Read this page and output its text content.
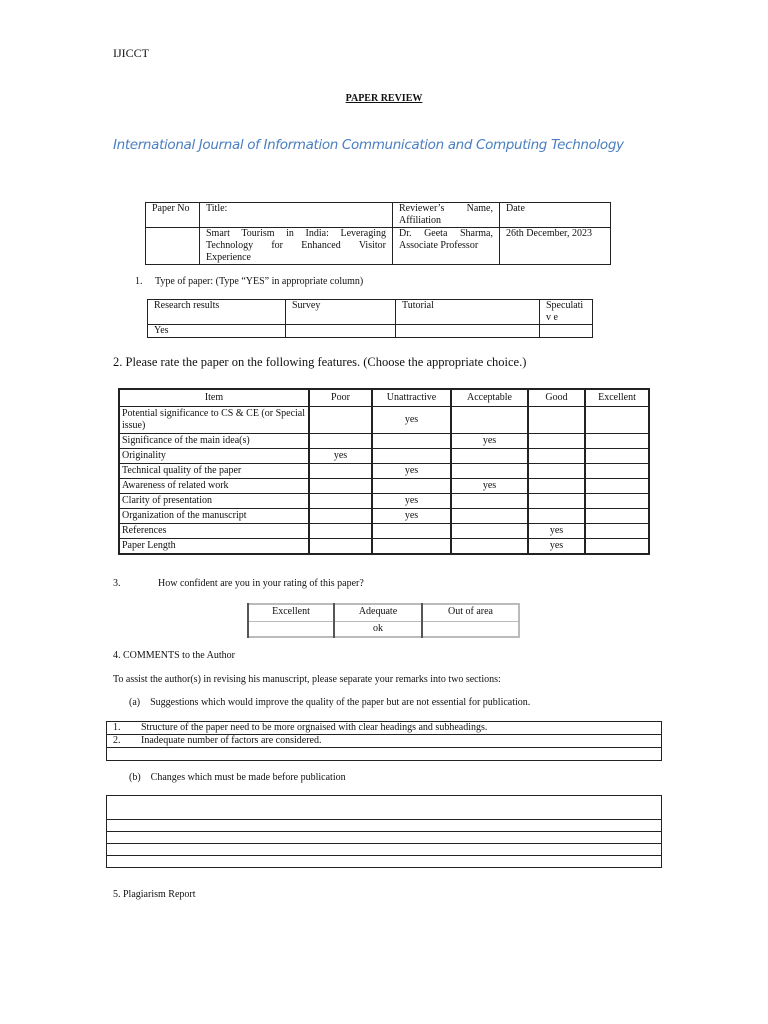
IJICCT
PAPER REVIEW
International Journal of Information Communication and Computing Technology
Paper No	Title:	Reviewer’s Name, Affiliation	Date
	Smart Tourism in India: Leveraging Technology for Enhanced Visitor Experience	Dr. Geeta Sharma, Associate Professor	26th December, 2023
1.     Type of paper: (Type “YES” in appropriate column)
Research results	Survey	Tutorial	Speculativ e
Yes			
2. Please rate the paper on the following features. (Choose the appropriate choice.)
Item	Poor	Unattractive	Acceptable	Good	Excellent
Potential significance to CS & CE (or Special issue)		yes			
Significance of the main idea(s)			yes		
Originality	yes				
Technical quality of the paper		yes			
Awareness of related work			yes		
Clarity of presentation		yes			
Organization of the manuscript		yes			
References				yes	
Paper Length				yes	
3.	How confident are you in your rating of this paper?
Excellent	Adequate	Out of area
	ok	
4. COMMENTS to the Author
To assist the author(s) in revising his manuscript, please separate your remarks into two sections:
(a)    Suggestions which would improve the quality of the paper but are not essential for publication.
1. Structure of the paper need to be more orgnaised with clear headings and subheadings.
2. Inadequate number of factors are considered.

(b)    Changes which must be made before publication

5. Plagiarism Report
